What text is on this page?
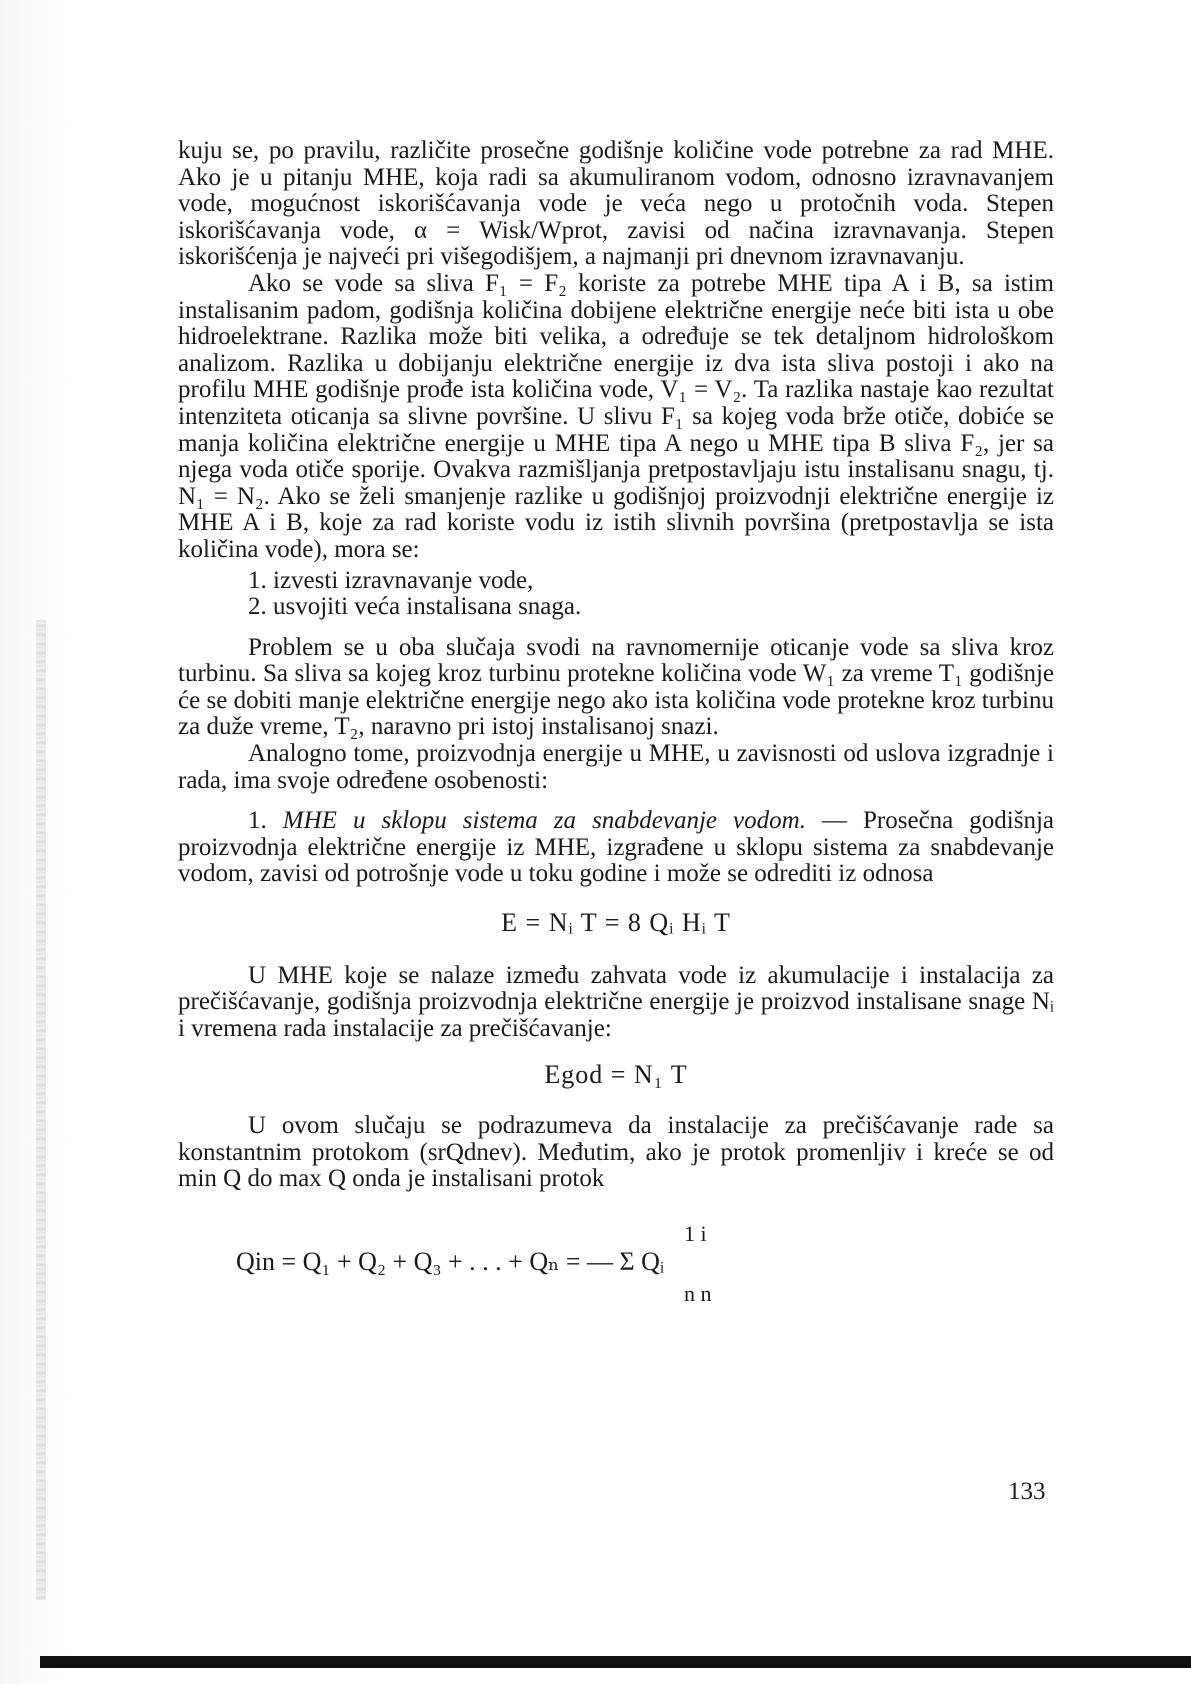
kuju se, po pravilu, različite prosečne godišnje količine vode potrebne za rad MHE. Ako je u pitanju MHE, koja radi sa akumuliranom vodom, odnosno izravnavanjem vode, mogućnost iskorišćavanja vode je veća nego u protočnih voda. Stepen iskorišćavanja vode, α = Wisk/Wprot, zavisi od načina izravnavanja. Stepen iskorišćenja je najveći pri višegodišjem, a najmanji pri dnevnom izravnavanju.

Ako se vode sa sliva F₁ = F₂ koriste za potrebe MHE tipa A i B, sa istim instalisanim padom, godišnja količina dobijene električne energije neće biti ista u obe hidroelektrane. Razlika može biti velika, a određuje se tek detaljnom hidrološkom analizom. Razlika u dobijanju električne energije iz dva ista sliva postoji i ako na profilu MHE godišnje prođe ista količina vode, V₁ = V₂. Ta razlika nastaje kao rezultat intenziteta oticanja sa slivne površine. U slivu F₁ sa kojeg voda brže otiče, dobiće se manja količina električne energije u MHE tipa A nego u MHE tipa B sliva F₂, jer sa njega voda otiče sporije. Ovakva razmišljanja pretpostavljaju istu instalisanu snagu, tj. N₁ = N₂. Ako se želi smanjenje razlike u godišnjoj proizvodnji električne energije iz MHE A i B, koje za rad koriste vodu iz istih slivnih površina (pretpostavlja se ista količina vode), mora se:

1. izvesti izravnavanje vode,
2. usvojiti veća instalisana snaga.

Problem se u oba slučaja svodi na ravnomernije oticanje vode sa sliva kroz turbinu. Sa sliva sa kojeg kroz turbinu protekne količina vode W₁ za vreme T₁ godišnje će se dobiti manje električne energije nego ako ista količina vode protekne kroz turbinu za duže vreme, T₂, naravno pri istoj instalisanoj snazi.

Analogno tome, proizvodnja energije u MHE, u zavisnosti od uslova izgradnje i rada, ima svoje određene osobenosti:

1. MHE u sklopu sistema za snabdevanje vodom. — Prosečna godišnja proizvodnja električne energije iz MHE, izgrađene u sklopu sistema za snabdevanje vodom, zavisi od potrošnje vode u toku godine i može se odrediti iz odnosa

E = Nᵢ T = 8 Qᵢ Hᵢ T

U MHE koje se nalaze između zahvata vode iz akumulacije i instalacija za prečišćavanje, godišnja proizvodnja električne energije je proizvod instalisane snage Nᵢ i vremena rada instalacije za prečišćavanje:

Egod = N₁ T

U ovom slučaju se podrazumeva da instalacije za prečišćavanje rade sa konstantnim protokom (srQdnev). Međutim, ako je protok promenljiv i kreće se od min Q do max Q onda je instalisani protok

1 i
Qin = Q₁ + Q₂ + Q₃ + . . . + Qₙ = — Σ Qᵢ
n n
133
